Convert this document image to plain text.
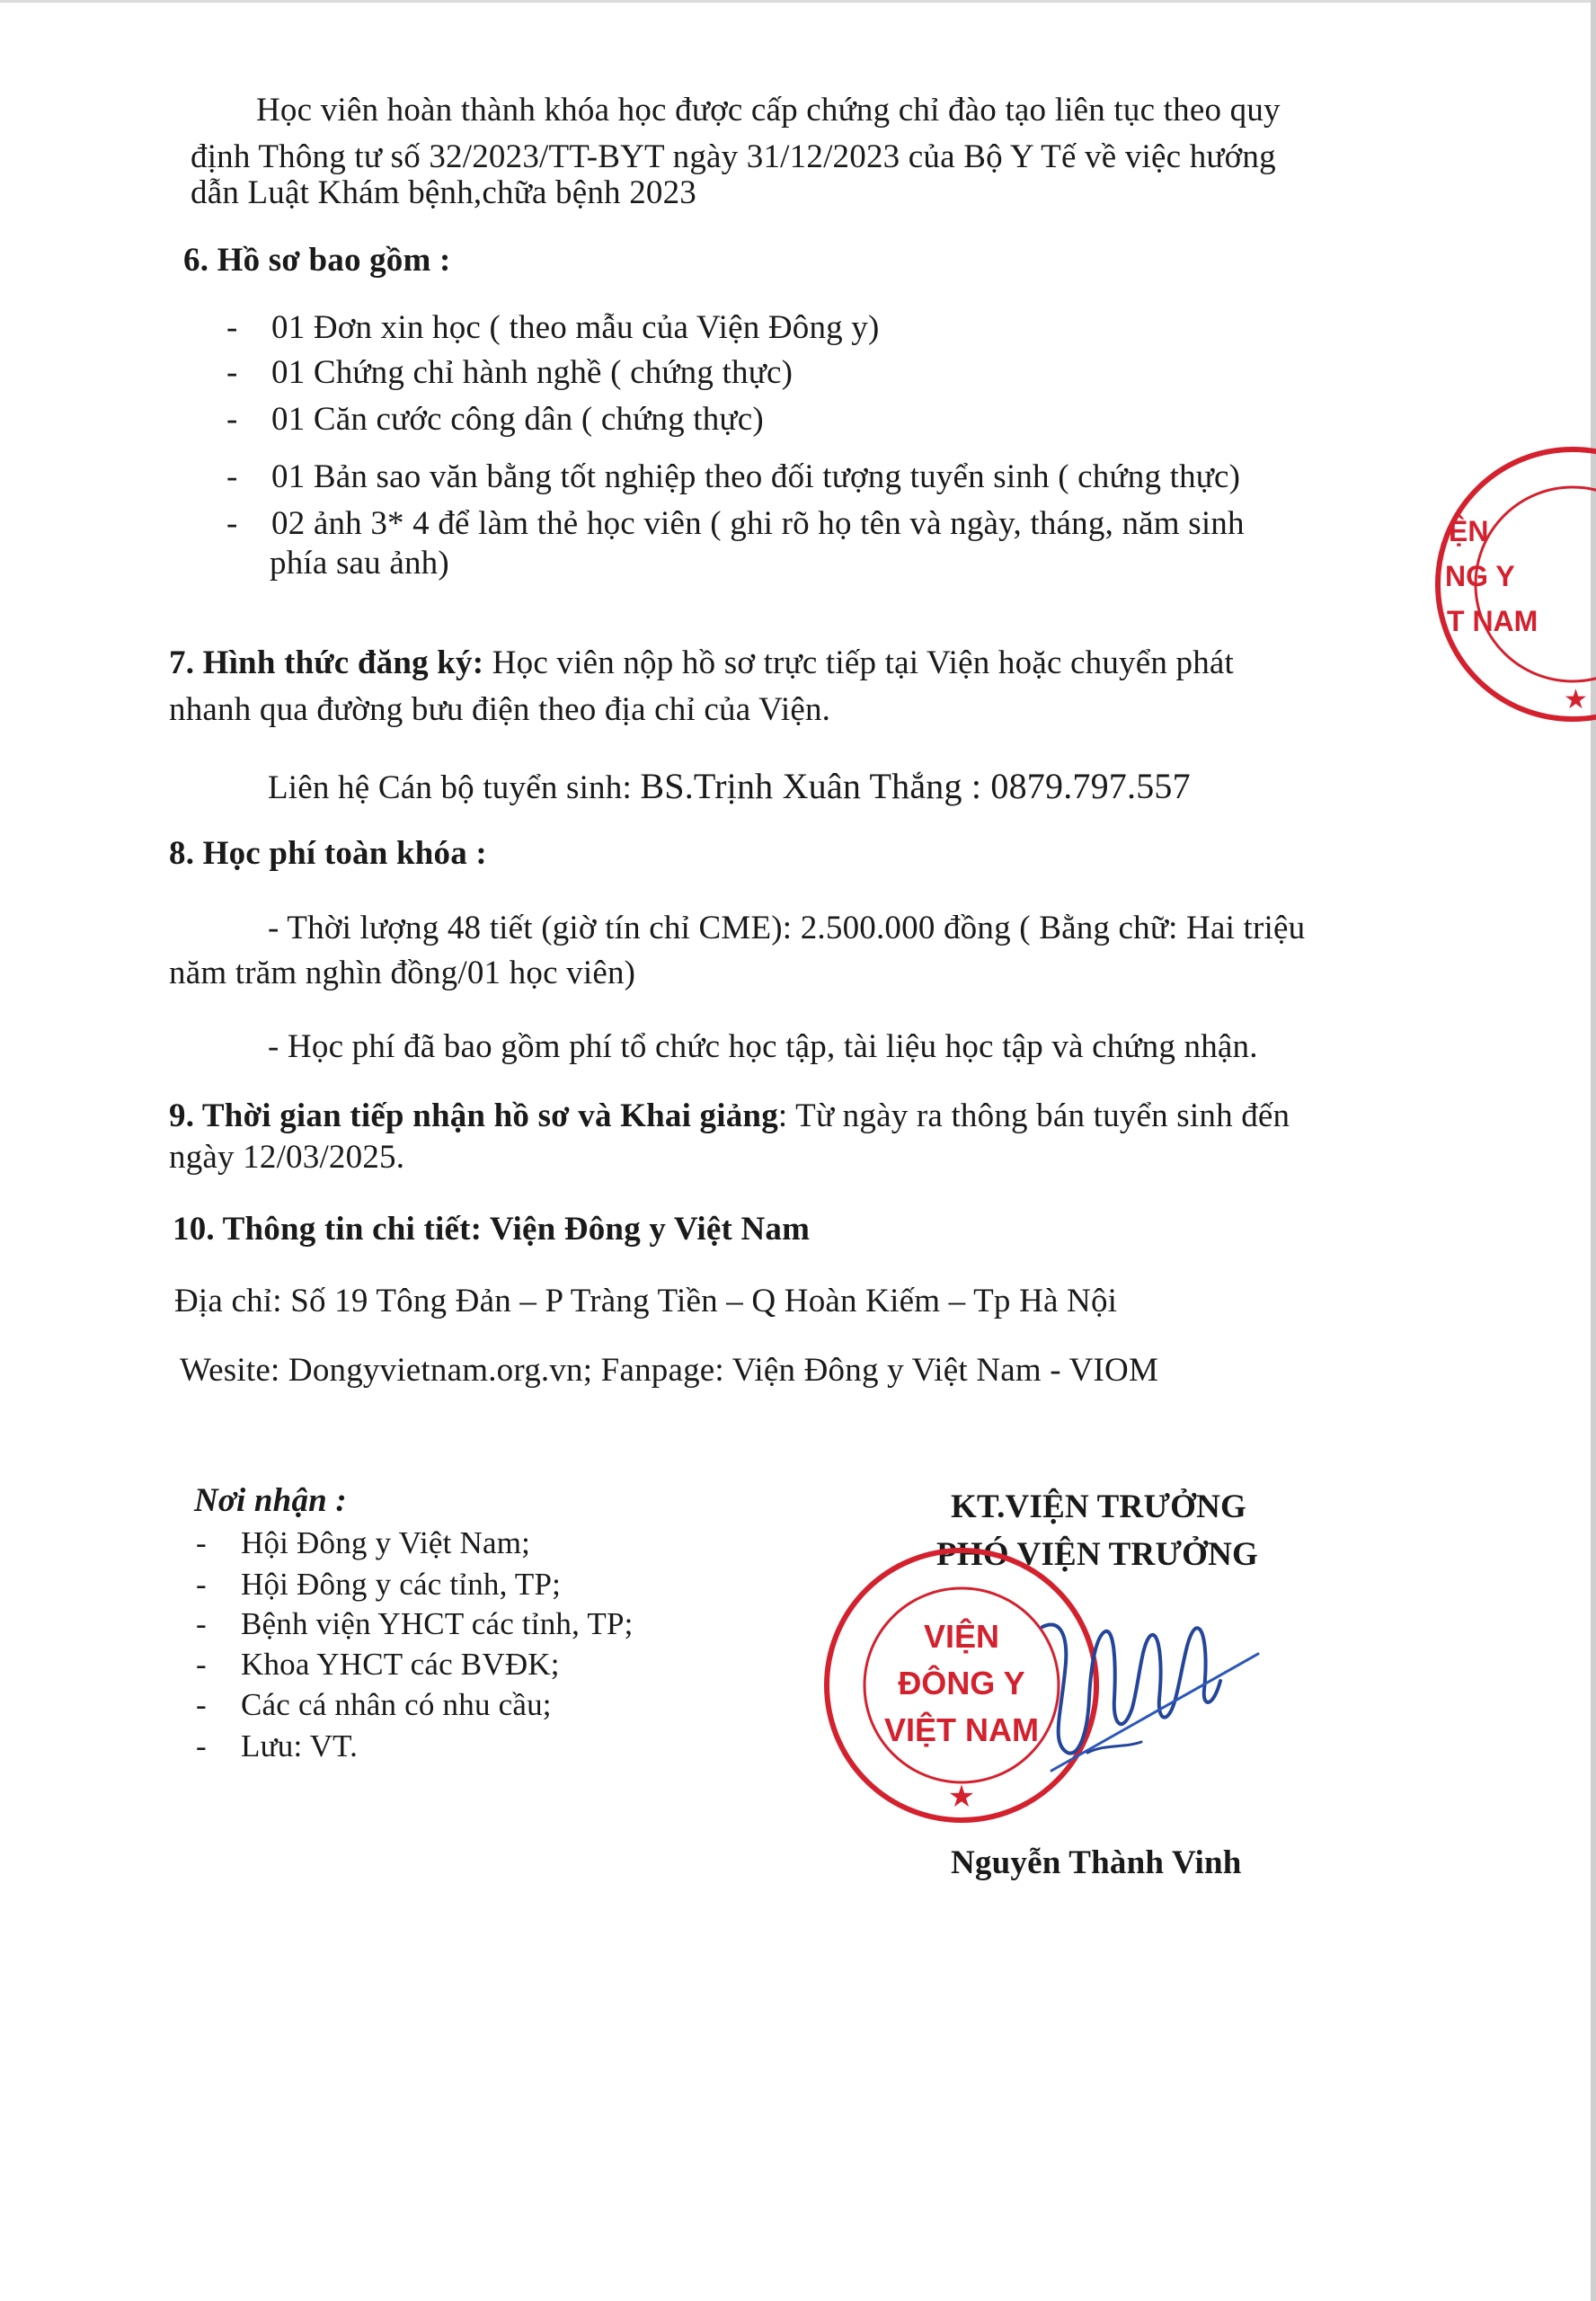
Học viên hoàn thành khóa học được cấp chứng chỉ đào tạo liên tục theo quy
định Thông tư số 32/2023/TT-BYT ngày 31/12/2023 của Bộ Y Tế về việc hướng
dẫn Luật Khám bệnh,chữa bệnh 2023
6. Hồ sơ bao gồm :
- 01 Đơn xin học ( theo mẫu của Viện Đông y)
- 01 Chứng chỉ hành nghề ( chứng thực)
- 01 Căn cước công dân ( chứng thực)
- 01 Bản sao văn bằng tốt nghiệp theo đối tượng tuyển sinh ( chứng thực)
- 02 ảnh 3* 4 để làm thẻ học viên ( ghi rõ họ tên và ngày, tháng, năm sinh
phía sau ảnh)
7. Hình thức đăng ký: Học viên nộp hồ sơ trực tiếp tại Viện hoặc chuyển phát
nhanh qua đường bưu điện theo địa chỉ của Viện.
Liên hệ Cán bộ tuyển sinh: BS.Trịnh Xuân Thắng : 0879.797.557
8. Học phí toàn khóa :
- Thời lượng 48 tiết (giờ tín chỉ CME): 2.500.000 đồng ( Bằng chữ: Hai triệu
năm trăm nghìn đồng/01 học viên)
- Học phí đã bao gồm phí tổ chức học tập, tài liệu học tập và chứng nhận.
9. Thời gian tiếp nhận hồ sơ và Khai giảng: Từ ngày ra thông bán tuyển sinh đến
ngày 12/03/2025.
10. Thông tin chi tiết: Viện Đông y Việt Nam
Địa chỉ: Số 19 Tông Đản – P Tràng Tiền – Q Hoàn Kiếm – Tp Hà Nội
Wesite: Dongyvietnam.org.vn; Fanpage: Viện Đông y Việt Nam - VIOM
Nơi nhận :
- Hội Đông y Việt Nam;
- Hội Đông y các tỉnh, TP;
- Bệnh viện YHCT các tỉnh, TP;
- Khoa YHCT các BVĐK;
- Các cá nhân có nhu cầu;
- Lưu: VT.
KT.VIỆN TRƯỞNG
PHÓ VIỆN TRƯỞNG
Nguyễn Thành Vinh
VIỆN
ĐÔNG Y
VIỆT NAM
★
ỆN
NG Y
T NAM
★
